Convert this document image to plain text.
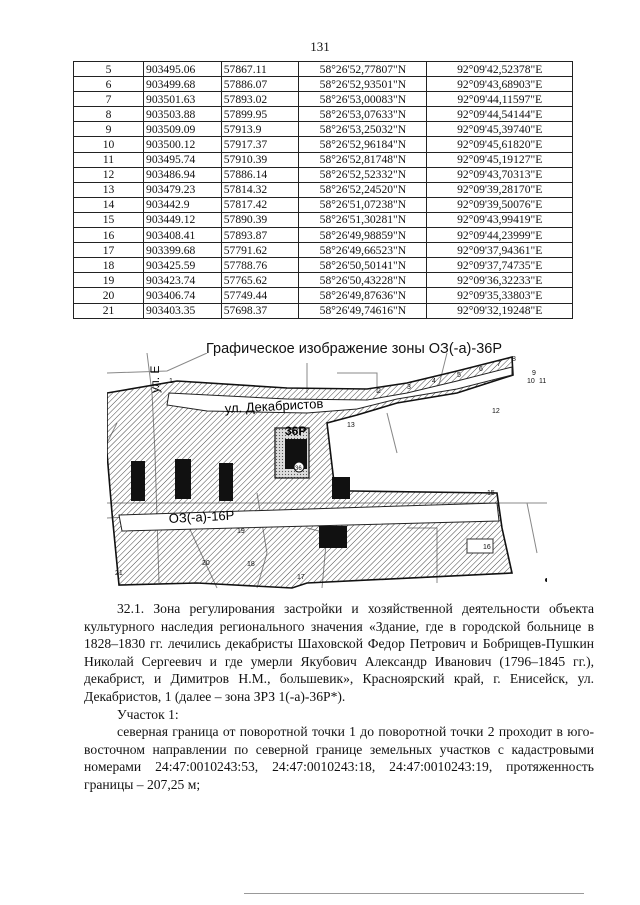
131
5	903495.06	57867.11	58°26'52,77807"N	92°09'42,52378"E
6	903499.68	57886.07	58°26'52,93501"N	92°09'43,68903"E
7	903501.63	57893.02	58°26'53,00083"N	92°09'44,11597"E
8	903503.88	57899.95	58°26'53,07633"N	92°09'44,54144"E
9	903509.09	57913.9	58°26'53,25032"N	92°09'45,39740"E
10	903500.12	57917.37	58°26'52,96184"N	92°09'45,61820"E
11	903495.74	57910.39	58°26'52,81748"N	92°09'45,19127"E
12	903486.94	57886.14	58°26'52,52332"N	92°09'43,70313"E
13	903479.23	57814.32	58°26'52,24520"N	92°09'39,28170"E
14	903442.9	57817.42	58°26'51,07238"N	92°09'39,50076"E
15	903449.12	57890.39	58°26'51,30281"N	92°09'43,99419"E
16	903408.41	57893.87	58°26'49,98859"N	92°09'44,23999"E
17	903399.68	57791.62	58°26'49,66523"N	92°09'37,94361"E
18	903425.59	57788.76	58°26'50,50141"N	92°09'37,74735"E
19	903423.74	57765.62	58°26'50,43228"N	92°09'36,32233"E
20	903406.74	57749.44	58°26'49,87636"N	92°09'35,33803"E
21	903403.35	57698.37	58°26'49,74616"N	92°09'32,19248"E
Графическое изображение зоны ОЗ(-а)-36Р
ул. Декабристов
ул. Е
ОЗ(-а)-16Р
36Р
36
1
2
3
4
5
6
7
8
9
10 11
12
13
15
16
17
18
19
20
21

32.1. Зона регулирования застройки и хозяйственной деятельности объекта культурного наследия регионального значения «Здание, где в городской больнице в 1828–1830 гг. лечились декабристы Шаховской Федор Петрович и Бобрищев-Пушкин Николай Сергеевич и где умерли Якубович Александр Иванович (1796–1845 гг.), декабрист, и Димитров Н.М., большевик», Красноярский край, г. Енисейск, ул. Декабристов, 1 (далее – зона ЗРЗ 1(-а)-36Р*).

Участок 1:

северная граница от поворотной точки 1 до поворотной точки 2 проходит в юго-восточном направлении по северной границе земельных участков с кадастровыми номерами 24:47:0010243:53, 24:47:0010243:18, 24:47:0010243:19, протяженность границы – 207,25 м;
